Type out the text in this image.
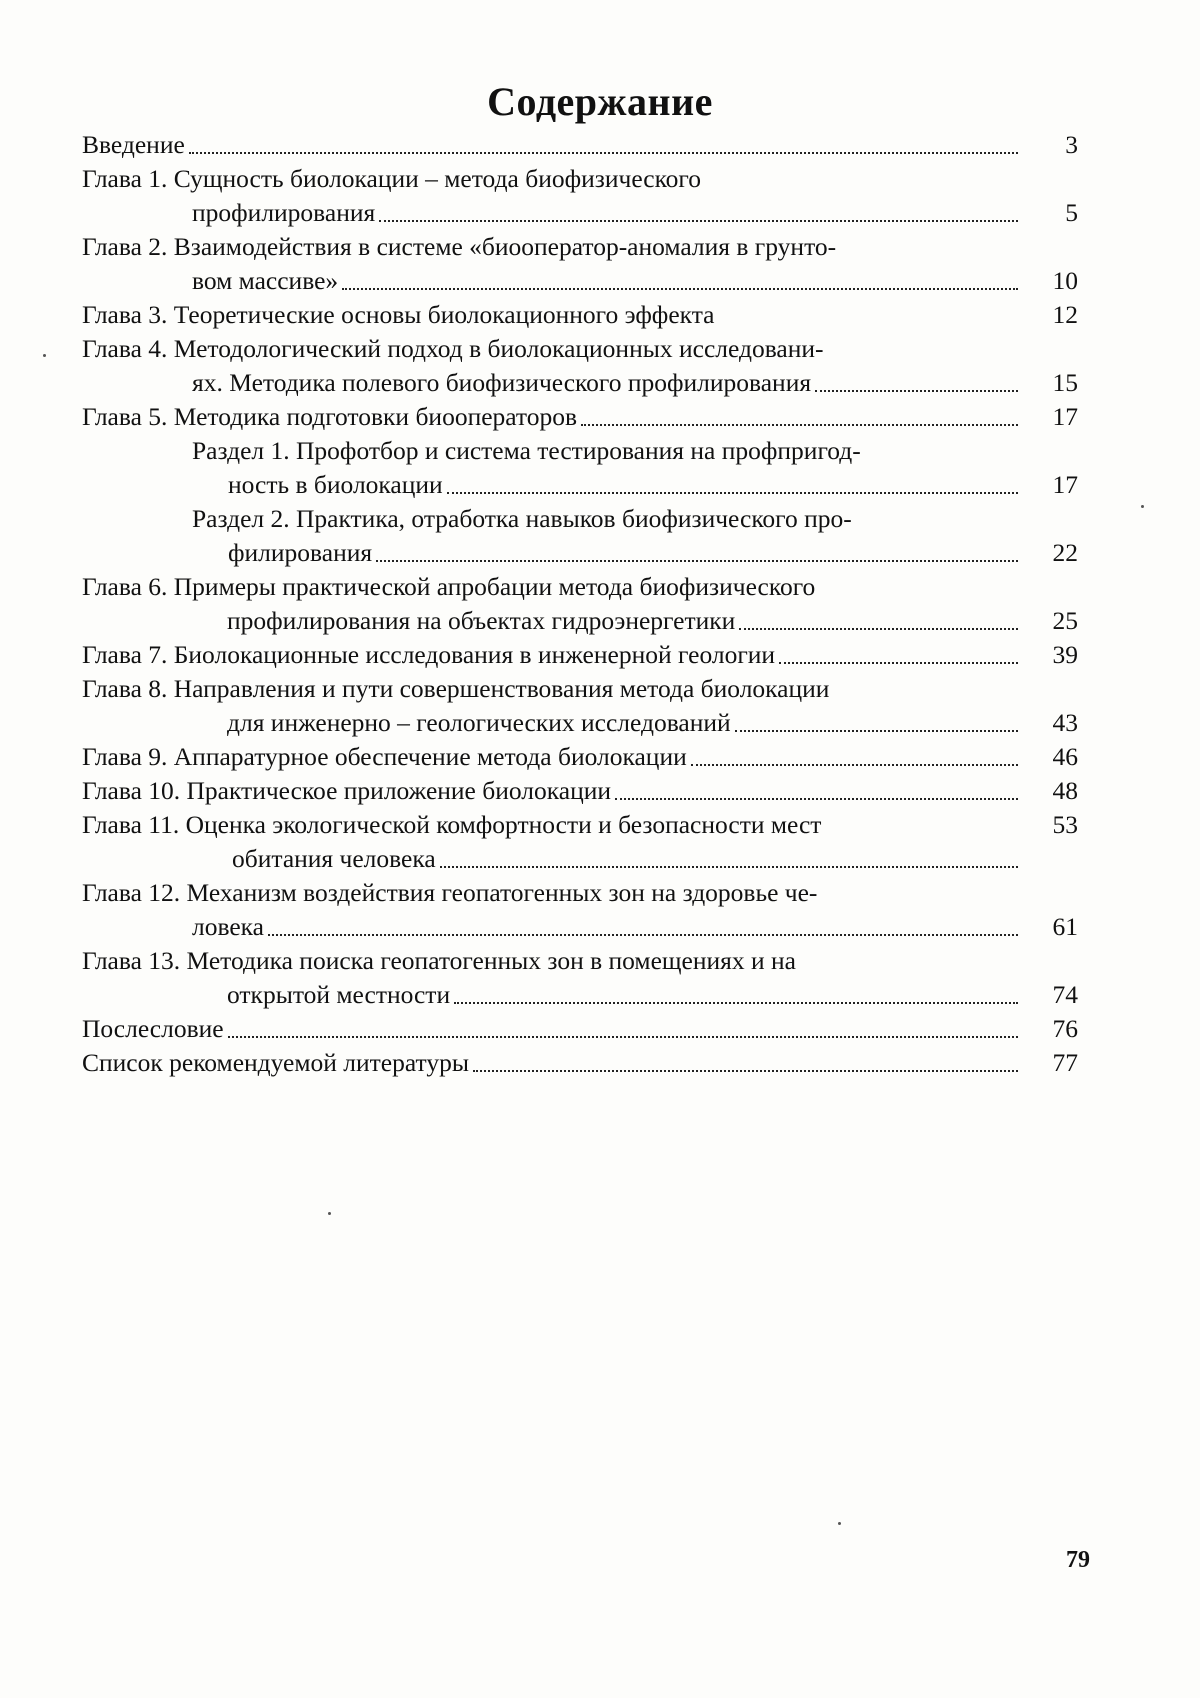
Содержание
Введение	3
Глава 1. Сущность биолокации – метода биофизического
профилирования	5
Глава 2. Взаимодействия в системе «биооператор-аномалия в грунто-
вом массиве»	10
Глава 3. Теоретические основы биолокационного эффекта	12
Глава 4. Методологический подход в биолокационных исследовани-
ях. Методика полевого биофизического профилирования	15
Глава 5. Методика подготовки биооператоров	17
Раздел 1. Профотбор и система тестирования на профпригод-
ность в биолокации	17
Раздел 2. Практика, отработка навыков биофизического про-
филирования	22
Глава 6. Примеры практической апробации метода биофизического
профилирования на объектах гидроэнергетики	25
Глава 7. Биолокационные исследования в инженерной геологии	39
Глава 8. Направления и пути совершенствования метода биолокации
для инженерно – геологических исследований	43
Глава 9. Аппаратурное обеспечение метода биолокации	46
Глава 10. Практическое приложение биолокации	48
Глава 11. Оценка экологической комфортности и безопасности мест	53
обитания человека
Глава 12. Механизм воздействия геопатогенных зон на здоровье че-
ловека	61
Глава 13. Методика поиска геопатогенных зон в помещениях и на
открытой местности	74
Послесловие	76
Список рекомендуемой литературы	77
79
